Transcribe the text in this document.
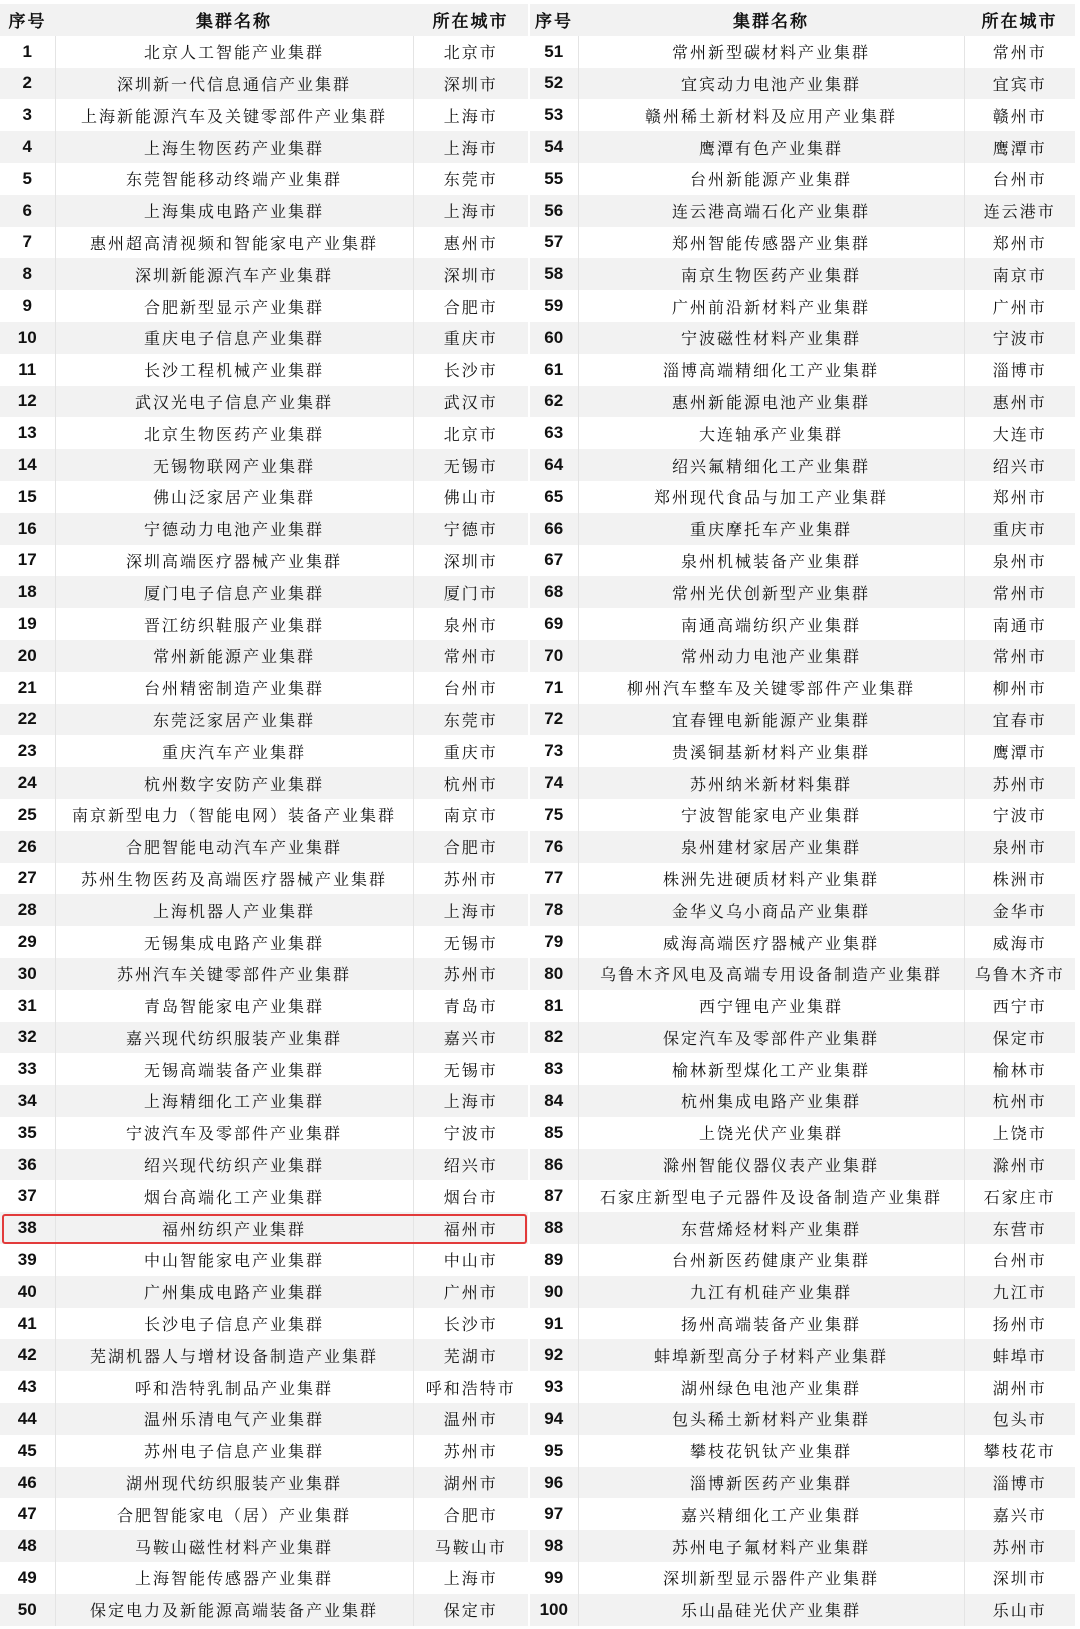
序号	集群名称	所在城市
1	北京人工智能产业集群	北京市
2	深圳新一代信息通信产业集群	深圳市
3	上海新能源汽车及关键零部件产业集群	上海市
4	上海生物医药产业集群	上海市
5	东莞智能移动终端产业集群	东莞市
6	上海集成电路产业集群	上海市
7	惠州超高清视频和智能家电产业集群	惠州市
8	深圳新能源汽车产业集群	深圳市
9	合肥新型显示产业集群	合肥市
10	重庆电子信息产业集群	重庆市
11	长沙工程机械产业集群	长沙市
12	武汉光电子信息产业集群	武汉市
13	北京生物医药产业集群	北京市
14	无锡物联网产业集群	无锡市
15	佛山泛家居产业集群	佛山市
16	宁德动力电池产业集群	宁德市
17	深圳高端医疗器械产业集群	深圳市
18	厦门电子信息产业集群	厦门市
19	晋江纺织鞋服产业集群	泉州市
20	常州新能源产业集群	常州市
21	台州精密制造产业集群	台州市
22	东莞泛家居产业集群	东莞市
23	重庆汽车产业集群	重庆市
24	杭州数字安防产业集群	杭州市
25	南京新型电力（智能电网）装备产业集群	南京市
26	合肥智能电动汽车产业集群	合肥市
27	苏州生物医药及高端医疗器械产业集群	苏州市
28	上海机器人产业集群	上海市
29	无锡集成电路产业集群	无锡市
30	苏州汽车关键零部件产业集群	苏州市
31	青岛智能家电产业集群	青岛市
32	嘉兴现代纺织服装产业集群	嘉兴市
33	无锡高端装备产业集群	无锡市
34	上海精细化工产业集群	上海市
35	宁波汽车及零部件产业集群	宁波市
36	绍兴现代纺织产业集群	绍兴市
37	烟台高端化工产业集群	烟台市
38	福州纺织产业集群	福州市
39	中山智能家电产业集群	中山市
40	广州集成电路产业集群	广州市
41	长沙电子信息产业集群	长沙市
42	芜湖机器人与增材设备制造产业集群	芜湖市
43	呼和浩特乳制品产业集群	呼和浩特市
44	温州乐清电气产业集群	温州市
45	苏州电子信息产业集群	苏州市
46	湖州现代纺织服装产业集群	湖州市
47	合肥智能家电（居）产业集群	合肥市
48	马鞍山磁性材料产业集群	马鞍山市
49	上海智能传感器产业集群	上海市
50	保定电力及新能源高端装备产业集群	保定市
序号	集群名称	所在城市
51	常州新型碳材料产业集群	常州市
52	宜宾动力电池产业集群	宜宾市
53	赣州稀土新材料及应用产业集群	赣州市
54	鹰潭有色产业集群	鹰潭市
55	台州新能源产业集群	台州市
56	连云港高端石化产业集群	连云港市
57	郑州智能传感器产业集群	郑州市
58	南京生物医药产业集群	南京市
59	广州前沿新材料产业集群	广州市
60	宁波磁性材料产业集群	宁波市
61	淄博高端精细化工产业集群	淄博市
62	惠州新能源电池产业集群	惠州市
63	大连轴承产业集群	大连市
64	绍兴氟精细化工产业集群	绍兴市
65	郑州现代食品与加工产业集群	郑州市
66	重庆摩托车产业集群	重庆市
67	泉州机械装备产业集群	泉州市
68	常州光伏创新型产业集群	常州市
69	南通高端纺织产业集群	南通市
70	常州动力电池产业集群	常州市
71	柳州汽车整车及关键零部件产业集群	柳州市
72	宜春锂电新能源产业集群	宜春市
73	贵溪铜基新材料产业集群	鹰潭市
74	苏州纳米新材料集群	苏州市
75	宁波智能家电产业集群	宁波市
76	泉州建材家居产业集群	泉州市
77	株洲先进硬质材料产业集群	株洲市
78	金华义乌小商品产业集群	金华市
79	威海高端医疗器械产业集群	威海市
80	乌鲁木齐风电及高端专用设备制造产业集群	乌鲁木齐市
81	西宁锂电产业集群	西宁市
82	保定汽车及零部件产业集群	保定市
83	榆林新型煤化工产业集群	榆林市
84	杭州集成电路产业集群	杭州市
85	上饶光伏产业集群	上饶市
86	滁州智能仪器仪表产业集群	滁州市
87	石家庄新型电子元器件及设备制造产业集群	石家庄市
88	东营烯烃材料产业集群	东营市
89	台州新医药健康产业集群	台州市
90	九江有机硅产业集群	九江市
91	扬州高端装备产业集群	扬州市
92	蚌埠新型高分子材料产业集群	蚌埠市
93	湖州绿色电池产业集群	湖州市
94	包头稀土新材料产业集群	包头市
95	攀枝花钒钛产业集群	攀枝花市
96	淄博新医药产业集群	淄博市
97	嘉兴精细化工产业集群	嘉兴市
98	苏州电子氟材料产业集群	苏州市
99	深圳新型显示器件产业集群	深圳市
100	乐山晶硅光伏产业集群	乐山市
